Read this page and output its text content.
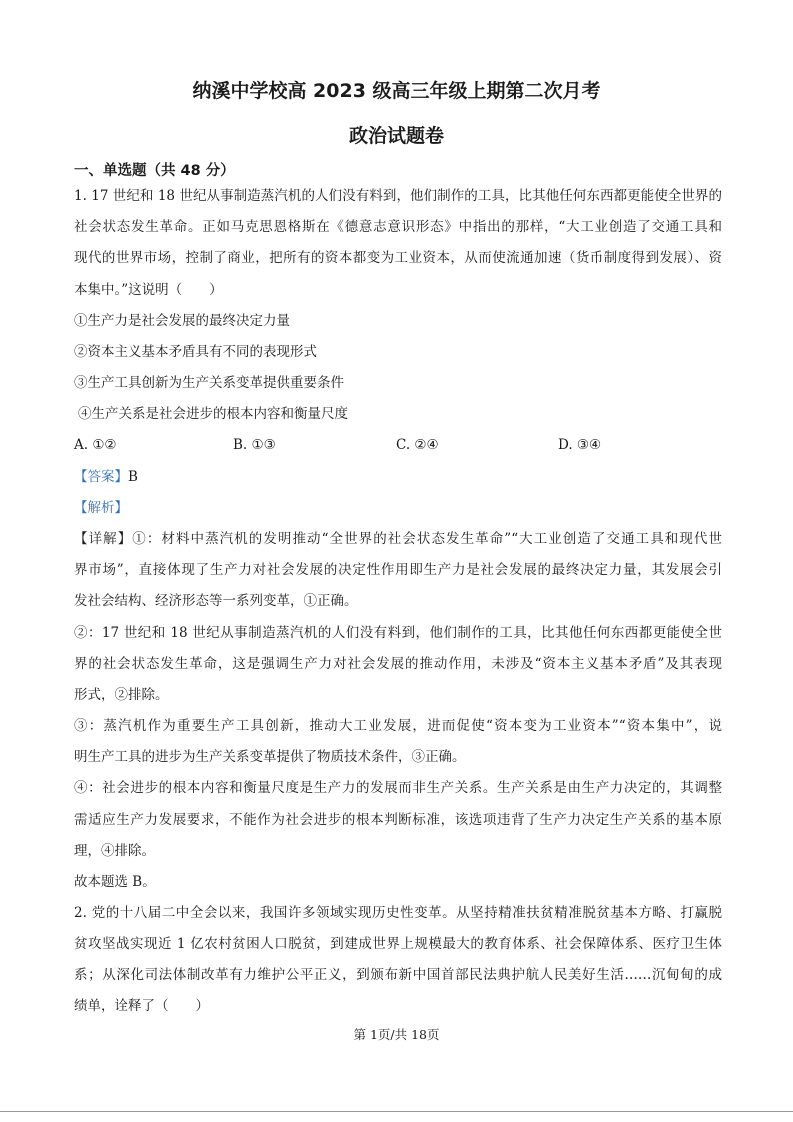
纳溪中学校高 2023 级高三年级上期第二次月考
政治试题卷
一、单选题（共 48 分）
1. 17 世纪和 18 世纪从事制造蒸汽机的人们没有料到，他们制作的工具，比其他任何东西都更能使全世界的
社会状态发生革命。正如马克思恩格斯在《德意志意识形态》中指出的那样，“大工业创造了交通工具和
现代的世界市场，控制了商业，把所有的资本都变为工业资本，从而使流通加速（货币制度得到发展）、资
本集中。”这说明（　　）
①生产力是社会发展的最终决定力量
②资本主义基本矛盾具有不同的表现形式
③生产工具创新为生产关系变革提供重要条件
④生产关系是社会进步的根本内容和衡量尺度
A. ①②	B. ①③	C. ②④	D. ③④
【答案】B
【解析】
【详解】①：材料中蒸汽机的发明推动“全世界的社会状态发生革命”“大工业创造了交通工具和现代世
界市场”，直接体现了生产力对社会发展的决定性作用即生产力是社会发展的最终决定力量，其发展会引
发社会结构、经济形态等一系列变革，①正确。
②：17 世纪和 18 世纪从事制造蒸汽机的人们没有料到，他们制作的工具，比其他任何东西都更能使全世
界的社会状态发生革命，这是强调生产力对社会发展的推动作用，未涉及“资本主义基本矛盾”及其表现
形式，②排除。
③：蒸汽机作为重要生产工具创新，推动大工业发展，进而促使“资本变为工业资本”“资本集中”，说
明生产工具的进步为生产关系变革提供了物质技术条件，③正确。
④：社会进步的根本内容和衡量尺度是生产力的发展而非生产关系。生产关系是由生产力决定的，其调整
需适应生产力发展要求，不能作为社会进步的根本判断标准，该选项违背了生产力决定生产关系的基本原
理，④排除。
故本题选 B。
2. 党的十八届二中全会以来，我国许多领域实现历史性变革。从坚持精准扶贫精准脱贫基本方略、打赢脱
贫攻坚战实现近 1 亿农村贫困人口脱贫，到建成世界上规模最大的教育体系、社会保障体系、医疗卫生体
系；从深化司法体制改革有力维护公平正义，到颁布新中国首部民法典护航人民美好生活……沉甸甸的成
绩单，诠释了（　　）
第 1页/共 18页
